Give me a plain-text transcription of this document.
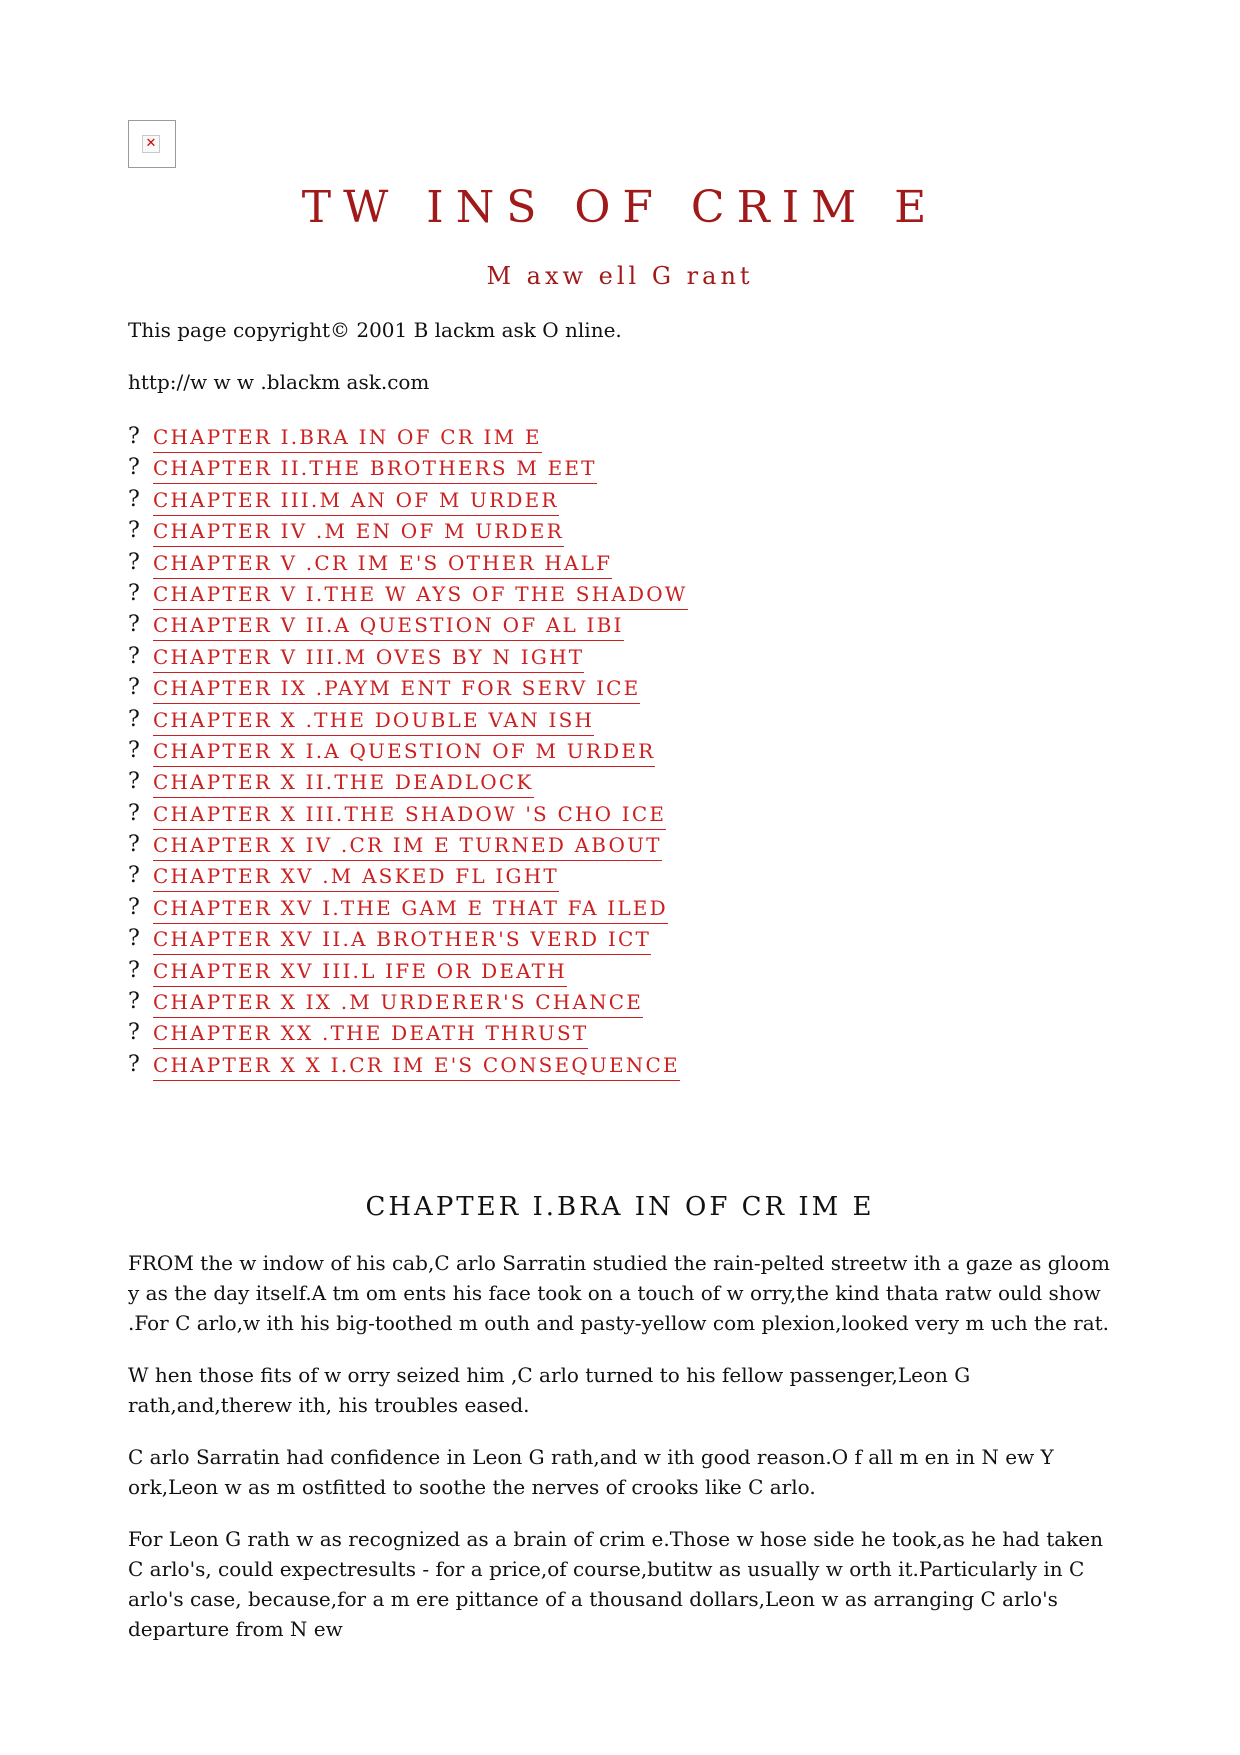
✕
TW INS OF CRIM E
M axw ell G rant

This page copyright© 2001 B lackm ask O nline.

http://w w w .blackm ask.com

? CHAPTER I.BRA IN OF CR IM E
? CHAPTER II.THE BROTHERS M EET
? CHAPTER III.M AN OF M URDER
? CHAPTER IV .M EN OF M URDER
? CHAPTER V .CR IM E'S OTHER HALF
? CHAPTER V I.THE W AYS OF THE SHADOW
? CHAPTER V II.A QUESTION OF AL IBI
? CHAPTER V III.M OVES BY N IGHT
? CHAPTER IX .PAYM ENT FOR SERV ICE
? CHAPTER X .THE DOUBLE VAN ISH
? CHAPTER X I.A QUESTION OF M URDER
? CHAPTER X II.THE DEADLOCK
? CHAPTER X III.THE SHADOW 'S CHO ICE
? CHAPTER X IV .CR IM E TURNED ABOUT
? CHAPTER XV .M ASKED FL IGHT
? CHAPTER XV I.THE GAM E THAT FA ILED
? CHAPTER XV II.A BROTHER'S VERD ICT
? CHAPTER XV III.L IFE OR DEATH
? CHAPTER X IX .M URDERER'S CHANCE
? CHAPTER XX .THE DEATH THRUST
? CHAPTER X X I.CR IM E'S CONSEQUENCE
CHAPTER I.BRA IN OF CR IM E

FROM the w indow of his cab,C arlo Sarratin studied the rain-pelted streetw ith a gaze as gloom y as the day itself.A tm om ents his face took on a touch of w orry,the kind thata ratw ould show .For C arlo,w ith his big-toothed m outh and pasty-yellow com plexion,looked very m uch the rat.

W hen those fits of w orry seized him ,C arlo turned to his fellow passenger,Leon G rath,and,therew ith, his troubles eased.

C arlo Sarratin had confidence in Leon G rath,and w ith good reason.O f all m en in N ew Y ork,Leon w as m ostfitted to soothe the nerves of crooks like C arlo.

For Leon G rath w as recognized as a brain of crim e.Those w hose side he took,as he had taken C arlo's, could expectresults - for a price,of course,butitw as usually w orth it.Particularly in C arlo's case, because,for a m ere pittance of a thousand dollars,Leon w as arranging C arlo's departure from N ew
